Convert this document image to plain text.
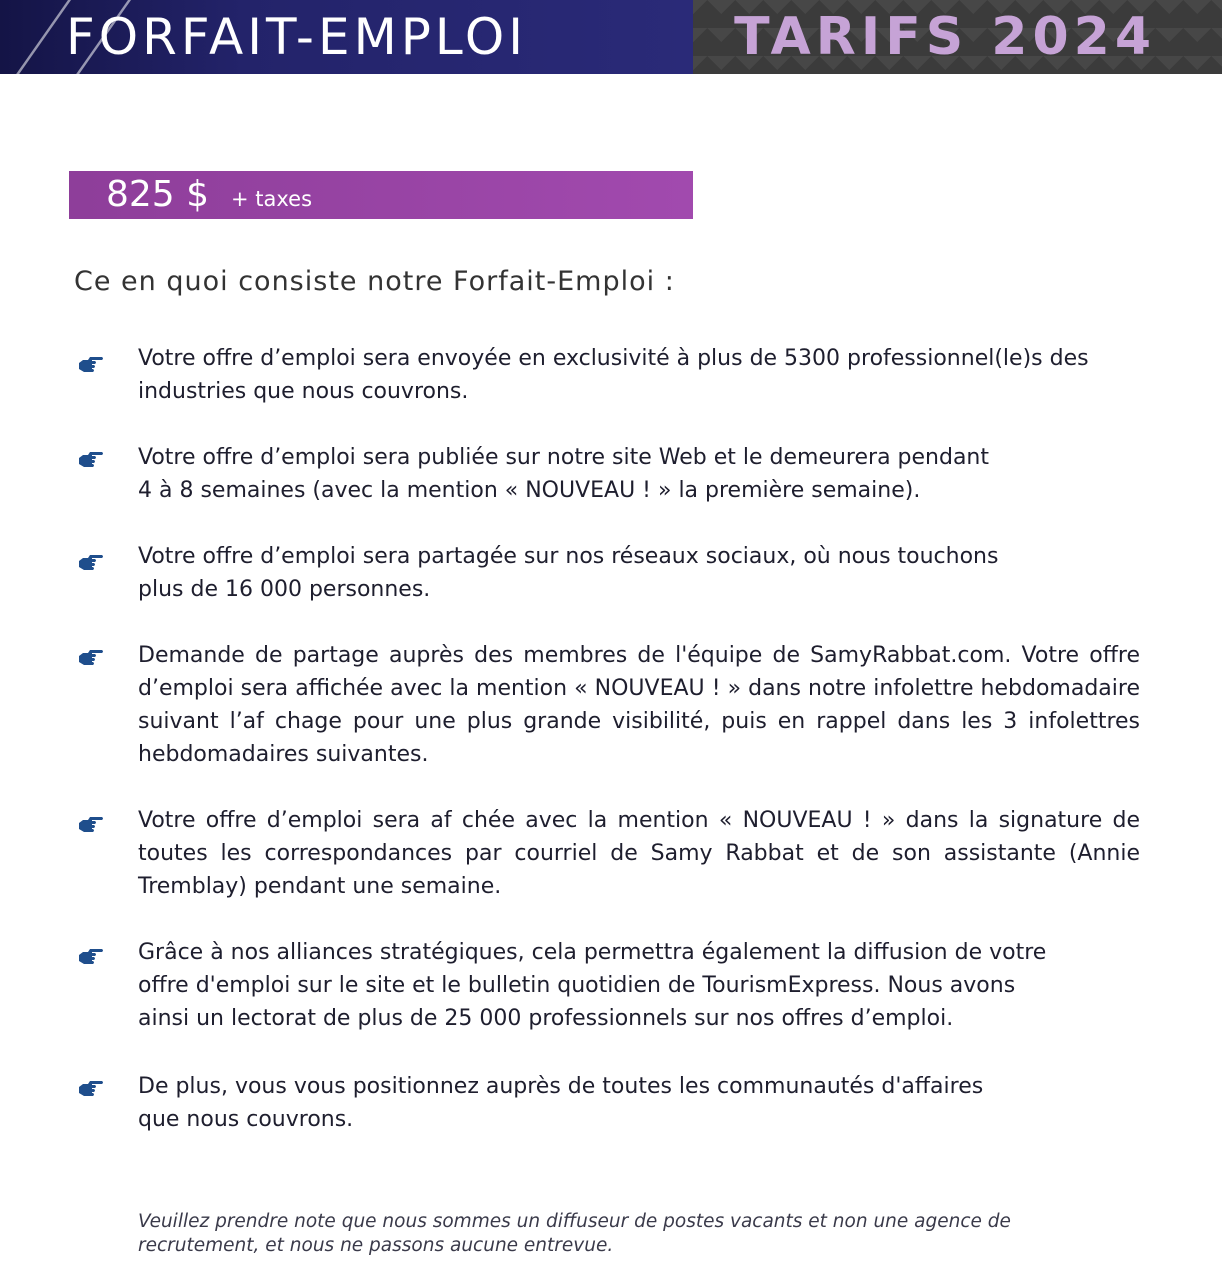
FORFAIT-EMPLOI	TARIFS 2024
825 $ + taxes
Ce en quoi consiste notre Forfait-Emploi :
Votre offre d’emploi sera envoyée en exclusivité à plus de 5300 professionnel(le)s des
industries que nous couvrons.
Votre offre d’emploi sera publiée sur notre site Web et le demeurera pendant
4 à 8 semaines (avec la mention « NOUVEAU ! » la première semaine).
Votre offre d’emploi sera partagée sur nos réseaux sociaux, où nous touchons
plus de 16 000 personnes.
Demande de partage auprès des membres de l'équipe de SamyRabbat.com. Votre offre d’emploi sera affichée avec la mention « NOUVEAU ! » dans notre infolettre hebdomadaire suivant l’af chage pour une plus grande visibilité, puis en rappel dans les 3 infolettres hebdomadaires suivantes.
Votre offre d’emploi sera af chée avec la mention « NOUVEAU ! » dans la signature de toutes les correspondances par courriel de Samy Rabbat et de son assistante (Annie Tremblay) pendant une semaine.
Grâce à nos alliances stratégiques, cela permettra également la diffusion de votre
offre d'emploi sur le site et le bulletin quotidien de TourismExpress. Nous avons
ainsi un lectorat de plus de 25 000 professionnels sur nos offres d’emploi.
De plus, vous vous positionnez auprès de toutes les communautés d'affaires
que nous couvrons.
Veuillez prendre note que nous sommes un diffuseur de postes vacants et non une agence de recrutement, et nous ne passons aucune entrevue.
